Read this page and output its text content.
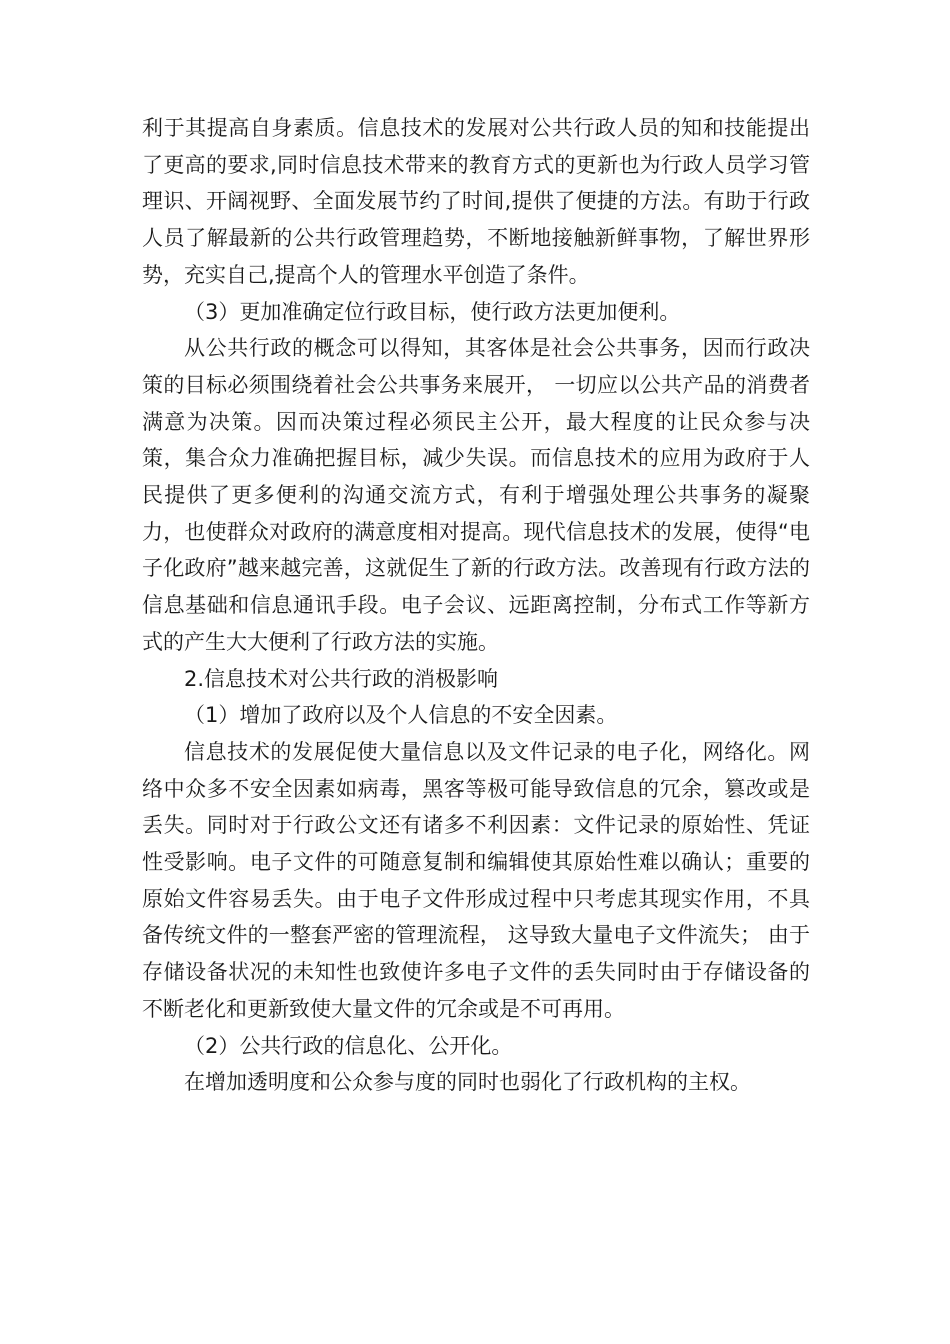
利于其提高自身素质。信息技术的发展对公共行政人员的知和技能提出了更高的要求,同时信息技术带来的教育方式的更新也为行政人员学习管理识、开阔视野、全面发展节约了时间,提供了便捷的方法。有助于行政人员了解最新的公共行政管理趋势，不断地接触新鲜事物，了解世界形势，充实自己,提高个人的管理水平创造了条件。

（3）更加准确定位行政目标，使行政方法更加便利。

从公共行政的概念可以得知，其客体是社会公共事务，因而行政决策的目标必须围绕着社会公共事务来展开， 一切应以公共产品的消费者满意为决策。因而决策过程必须民主公开，最大程度的让民众参与决策，集合众力准确把握目标，减少失误。而信息技术的应用为政府于人民提供了更多便利的沟通交流方式，有利于增强处理公共事务的凝聚力，也使群众对政府的满意度相对提高。现代信息技术的发展，使得“电子化政府”越来越完善，这就促生了新的行政方法。改善现有行政方法的信息基础和信息通讯手段。电子会议、远距离控制，分布式工作等新方式的产生大大便利了行政方法的实施。

2.信息技术对公共行政的消极影响

（1）增加了政府以及个人信息的不安全因素。

信息技术的发展促使大量信息以及文件记录的电子化，网络化。网络中众多不安全因素如病毒，黑客等极可能导致信息的冗余，篡改或是丢失。同时对于行政公文还有诸多不利因素：文件记录的原始性、凭证性受影响。电子文件的可随意复制和编辑使其原始性难以确认；重要的原始文件容易丢失。由于电子文件形成过程中只考虑其现实作用，不具备传统文件的一整套严密的管理流程， 这导致大量电子文件流失； 由于存储设备状况的未知性也致使许多电子文件的丢失同时由于存储设备的不断老化和更新致使大量文件的冗余或是不可再用。

（2）公共行政的信息化、公开化。

在增加透明度和公众参与度的同时也弱化了行政机构的主权。
